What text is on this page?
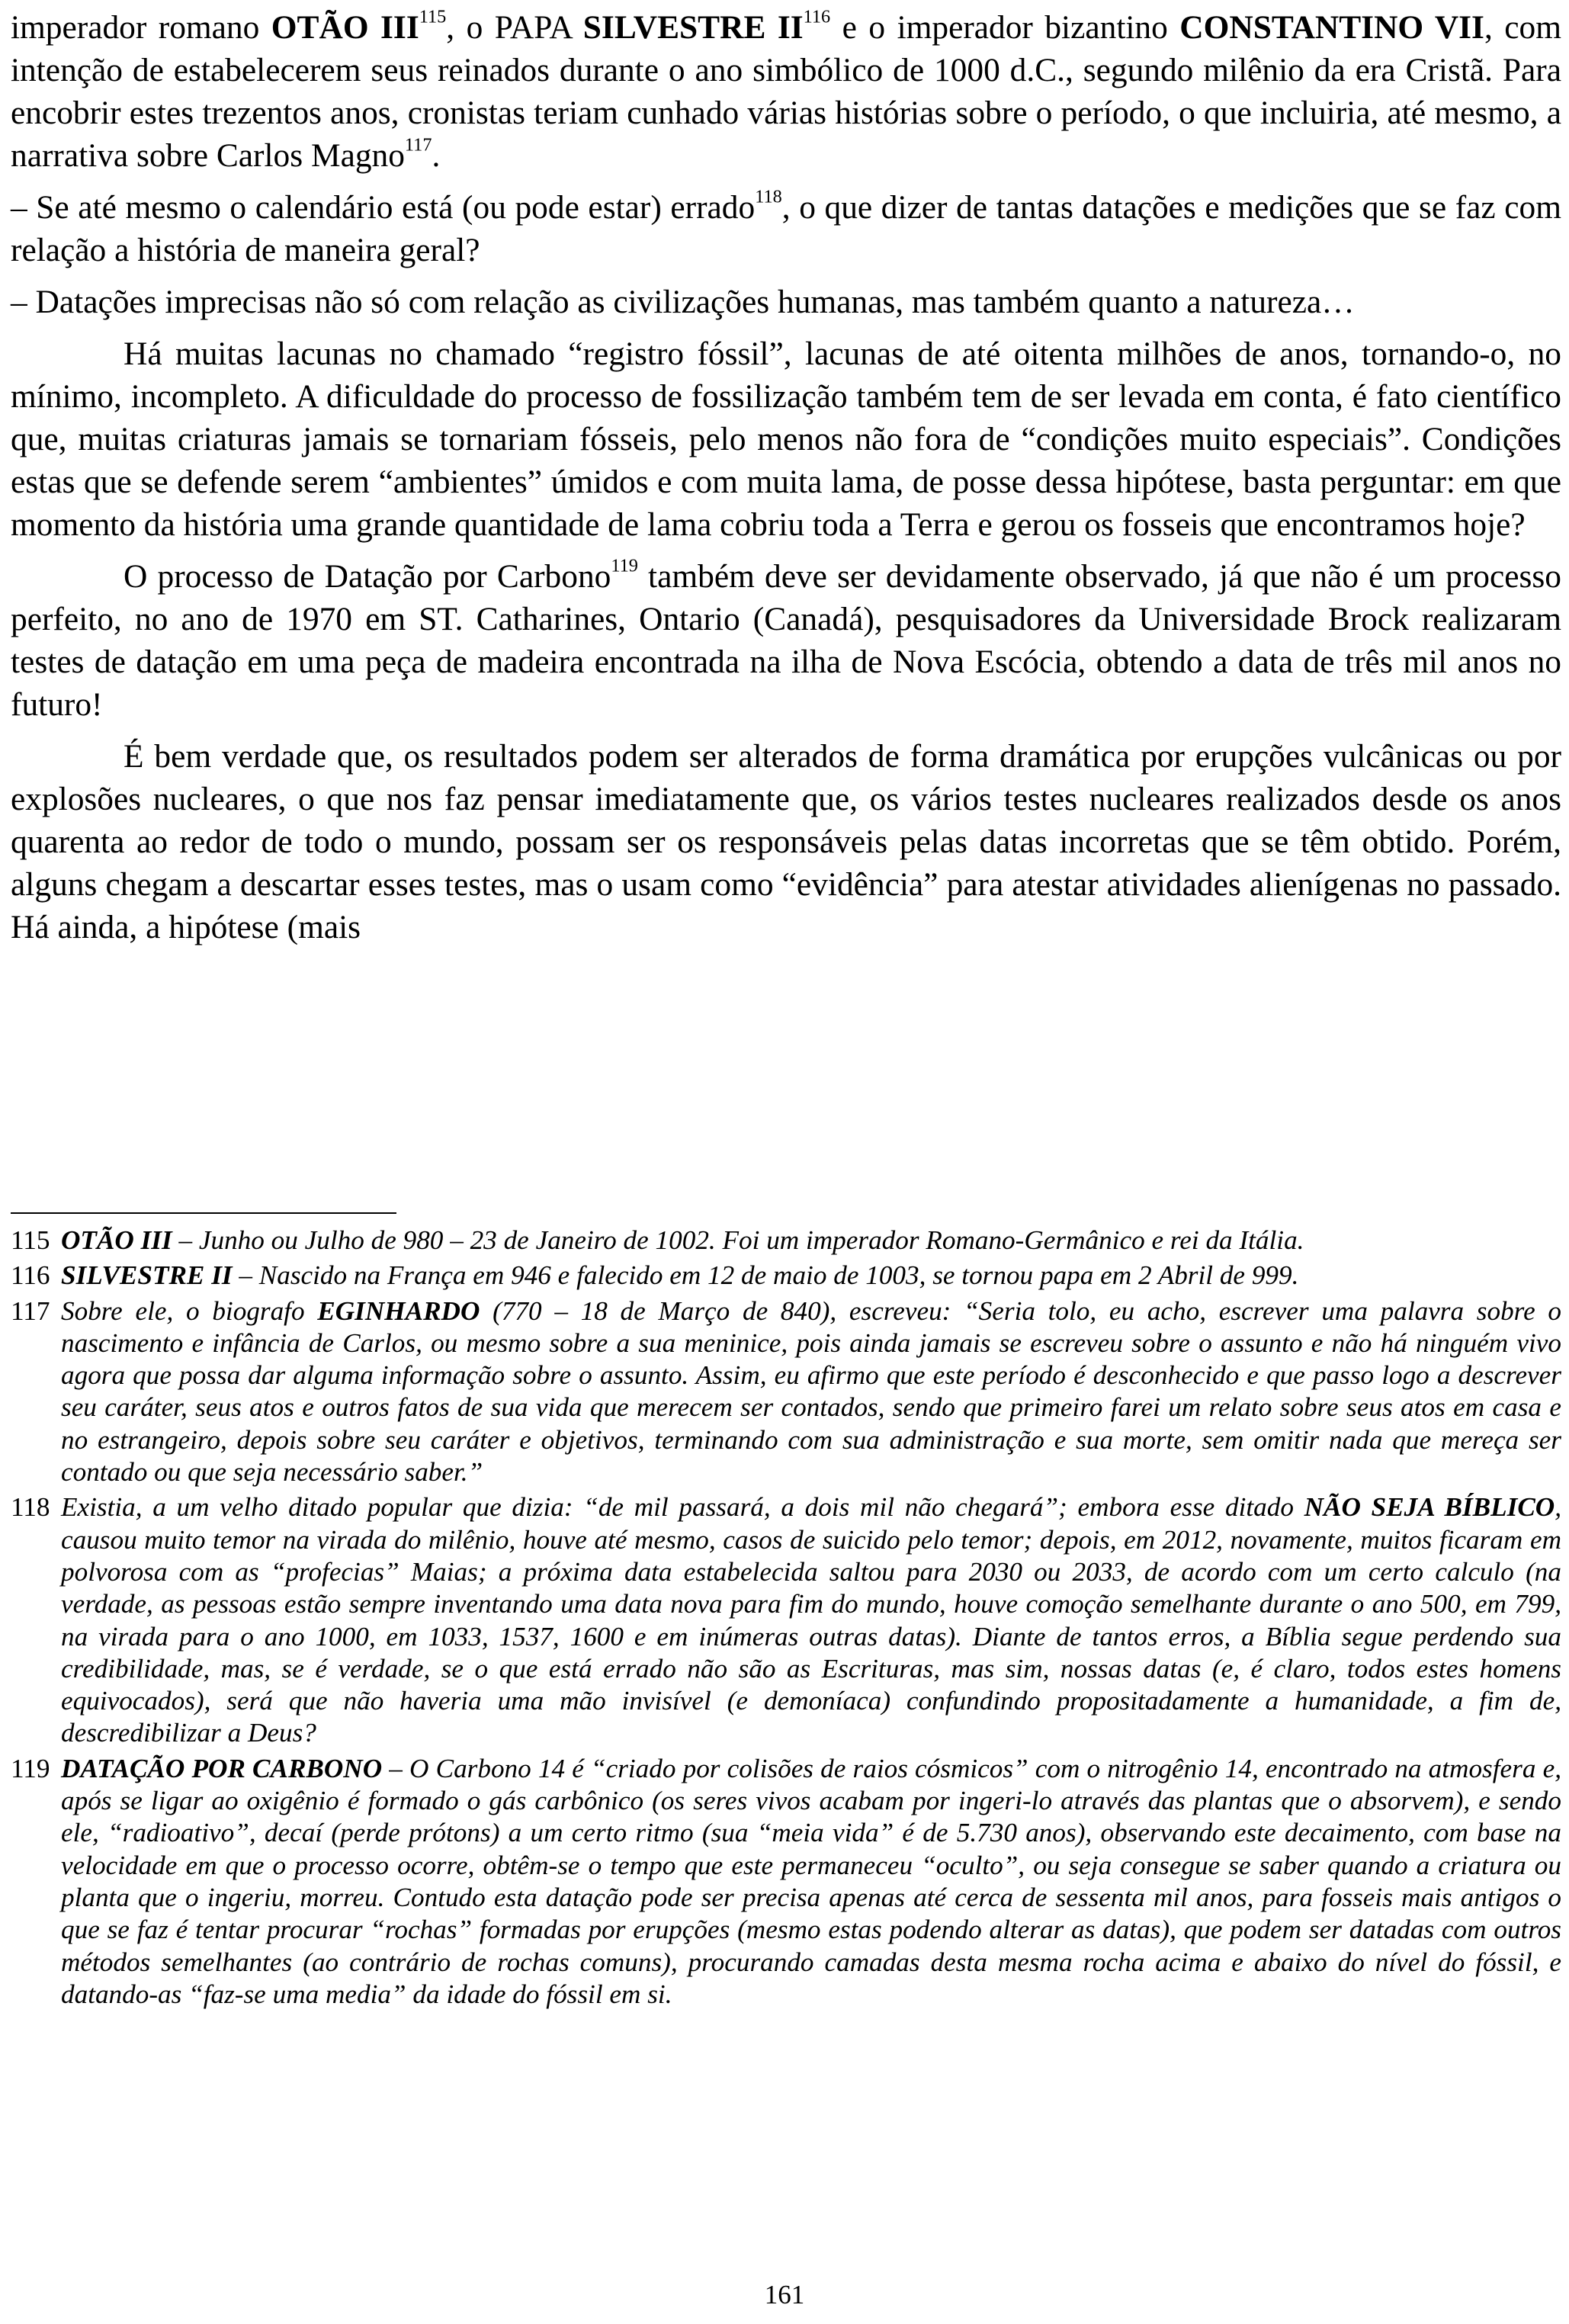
imperador romano OTÃO III$^{115}$, o PAPA SILVESTRE II$^{116}$ e o imperador bizantino CONSTANTINO VII, com intenção de estabelecerem seus reinados durante o ano simbólico de 1000 d.C., segundo milênio da era Cristã. Para encobrir estes trezentos anos, cronistas teriam cunhado várias histórias sobre o período, o que incluiria, até mesmo, a narrativa sobre Carlos Magno$^{117}$.

– Se até mesmo o calendário está (ou pode estar) errado$^{118}$, o que dizer de tantas datações e medições que se faz com relação a história de maneira geral?

– Datações imprecisas não só com relação as civilizações humanas, mas também quanto a natureza…

Há muitas lacunas no chamado “registro fóssil”, lacunas de até oitenta milhões de anos, tornando-o, no mínimo, incompleto. A dificuldade do processo de fossilização também tem de ser levada em conta, é fato científico que, muitas criaturas jamais se tornariam fósseis, pelo menos não fora de “condições muito especiais”. Condições estas que se defende serem “ambientes” úmidos e com muita lama, de posse dessa hipótese, basta perguntar: em que momento da história uma grande quantidade de lama cobriu toda a Terra e gerou os fosseis que encontramos hoje?

O processo de Datação por Carbono$^{119}$ também deve ser devidamente observado, já que não é um processo perfeito, no ano de 1970 em ST. Catharines, Ontario (Canadá), pesquisadores da Universidade Brock realizaram testes de datação em uma peça de madeira encontrada na ilha de Nova Escócia, obtendo a data de três mil anos no futuro!

É bem verdade que, os resultados podem ser alterados de forma dramática por erupções vulcânicas ou por explosões nucleares, o que nos faz pensar imediatamente que, os vários testes nucleares realizados desde os anos quarenta ao redor de todo o mundo, possam ser os responsáveis pelas datas incorretas que se têm obtido. Porém, alguns chegam a descartar esses testes, mas o usam como “evidência” para atestar atividades alienígenas no passado. Há ainda, a hipótese (mais

115 OTÃO III – Junho ou Julho de 980 – 23 de Janeiro de 1002. Foi um imperador Romano-Germânico e rei da Itália.
116 SILVESTRE II – Nascido na França em 946 e falecido em 12 de maio de 1003, se tornou papa em 2 Abril de 999.
117 Sobre ele, o biografo EGINHARDO (770 – 18 de Março de 840), escreveu: “Seria tolo, eu acho, escrever uma palavra sobre o nascimento e infância de Carlos, ou mesmo sobre a sua meninice, pois ainda jamais se escreveu sobre o assunto e não há ninguém vivo agora que possa dar alguma informação sobre o assunto. Assim, eu afirmo que este período é desconhecido e que passo logo a descrever seu caráter, seus atos e outros fatos de sua vida que merecem ser contados, sendo que primeiro farei um relato sobre seus atos em casa e no estrangeiro, depois sobre seu caráter e objetivos, terminando com sua administração e sua morte, sem omitir nada que mereça ser contado ou que seja necessário saber.”
118 Existia, a um velho ditado popular que dizia: “de mil passará, a dois mil não chegará”; embora esse ditado NÃO SEJA BÍBLICO, causou muito temor na virada do milênio, houve até mesmo, casos de suicido pelo temor; depois, em 2012, novamente, muitos ficaram em polvorosa com as “profecias” Maias; a próxima data estabelecida saltou para 2030 ou 2033, de acordo com um certo calculo (na verdade, as pessoas estão sempre inventando uma data nova para fim do mundo, houve comoção semelhante durante o ano 500, em 799, na virada para o ano 1000, em 1033, 1537, 1600 e em inúmeras outras datas). Diante de tantos erros, a Bíblia segue perdendo sua credibilidade, mas, se é verdade, se o que está errado não são as Escrituras, mas sim, nossas datas (e, é claro, todos estes homens equivocados), será que não haveria uma mão invisível (e demoníaca) confundindo propositadamente a humanidade, a fim de, descredibilizar a Deus?
119 DATAÇÃO POR CARBONO – O Carbono 14 é “criado por colisões de raios cósmicos” com o nitrogênio 14, encontrado na atmosfera e, após se ligar ao oxigênio é formado o gás carbônico (os seres vivos acabam por ingeri-lo através das plantas que o absorvem), e sendo ele, “radioativo”, decaí (perde prótons) a um certo ritmo (sua “meia vida” é de 5.730 anos), observando este decaimento, com base na velocidade em que o processo ocorre, obtêm-se o tempo que este permaneceu “oculto”, ou seja consegue se saber quando a criatura ou planta que o ingeriu, morreu. Contudo esta datação pode ser precisa apenas até cerca de sessenta mil anos, para fosseis mais antigos o que se faz é tentar procurar “rochas” formadas por erupções (mesmo estas podendo alterar as datas), que podem ser datadas com outros métodos semelhantes (ao contrário de rochas comuns), procurando camadas desta mesma rocha acima e abaixo do nível do fóssil, e datando-as “faz-se uma media” da idade do fóssil em si.
161
